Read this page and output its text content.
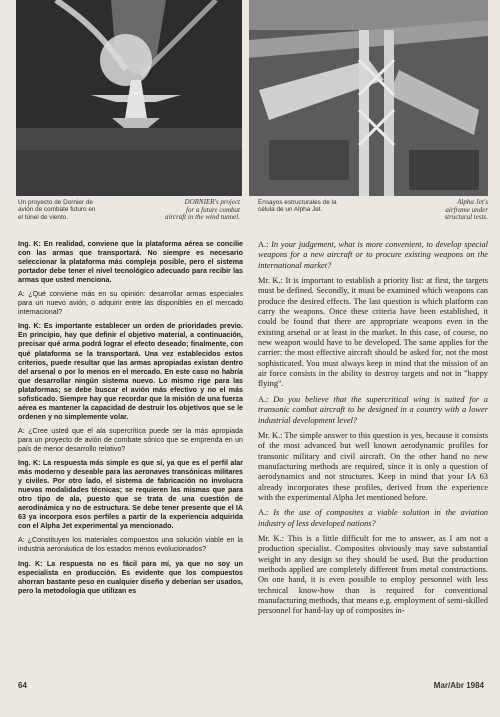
Un proyecto de Dornier de avión de combate futuro en el túnel de viento.
DORNIER's project
for a future combat
aircraft in the wind tunnel.
Ensayos estructurales de la célula de un Alpha Jet.
Alpha Jet's
airframe under
structural tests.

Ing. K: En realidad, conviene que la plataforma aérea se concilie con las armas que transportará. No siempre es necesario seleccionar la plataforma más compleja posible, pero el sistema portador debe tener el nivel tecnológico adecuado para recibir las armas que usted menciona.

A: ¿Qué conviene más en su opinión: desarrollar armas especiales para un nuevo avión, o adquirir entre las disponibles en el mercado internacional?

Ing. K: Es importante establecer un orden de prioridades previo. En principio, hay que definir el objetivo material, a continuación, precisar qué arma podrá lograr el efecto deseado; finalmente, con qué plataforma se la transportará. Una vez establecidos estos criterios, puede resultar que las armas apropiadas existan dentro del arsenal o por lo menos en el mercado. En este caso no habría que desarrollar ningún sistema nuevo. Lo mismo rige para las plataformas; se debe buscar el avión más efectivo y no el más sofisticado. Siempre hay que recordar que la misión de una fuerza aérea es mantener la capacidad de destruir los objetivos que se le ordenen y no simplemente volar.

A: ¿Cree usted que el ala supercrítica puede ser la más apropiada para un proyecto de avión de combate sónico que se emprenda en un país de menor desarrollo relativo?

Ing. K: La respuesta más simple es que sí, ya que es el perfil alar más moderno y deseable para las aeronaves transónicas militares y civiles. Por otro lado, el sistema de fabricación no involucra nuevas modalidades técnicas; se requieren las mismas que para otro tipo de ala, puesto que se trata de una cuestión de aerodinámica y no de estructura. Se debe tener presente que el IA 63 ya incorpora esos perfiles a partir de la experiencia adquirida con el Alpha Jet experimental ya mencionado.

A: ¿Constituyen los materiales compuestos una solución viable en la industria aeronáutica de los estados menos evolucionados?

Ing. K: La respuesta no es fácil para mí, ya que no soy un especialista en producción. Es evidente que los compuestos ahorran bastante peso en cualquier diseño y deberían ser usados, pero la metodología que utilizan es

A.: In your judgement, what is more convenient, to develop special weapons for a new aircraft or to procure existing weapons on the international market?

Mr. K.: It is important to establish a priority list: at first, the targets must be defined. Secondly, it must be examined which weapons can produce the desired effects. The last question is which platform can carry the weapons. Once these criteria have been established, it could be found that there are appropriate weapons even in the existing arsenal or at least in the market. In this case, of course, no new weapon would have to be developed. The same applies for the carrier: the most effective aircraft should be asked for, not the most sophisticated. You must always keep in mind that the mission of an air force consists in the ability to destroy targets and not in "happy flying".

A.: Do you believe that the supercritical wing is suited for a transonic combat aircraft to be designed in a country with a lower industrial development level?

Mr. K.: The simple answer to this question is yes, because it consists of the most advanced but well known aerodynamic profiles for transonic military and civil aircraft. On the other hand no new manufacturing methods are required, since it is only a question of aerodynamics and not structures. Keep in mind that your IA 63 already incorporates these profiles, derived from the experience with the experimental Alpha Jet mentioned before.

A.: Is the use of composites a viable solution in the aviation industry of less developed nations?

Mr. K.: This is a little difficult for me to answer, as I am not a production specialist. Composites obviously may save substantial weight in any design so they should be used. But the production methods applied are completely different from metal constructions. On one hand, it is even possible to employ personnel with less technical know-how than is required for conventional manufacturing methods, that means e.g. employment of semi-skilled personnel for hand-lay up of composites in-

64	Mar/Abr 1984
